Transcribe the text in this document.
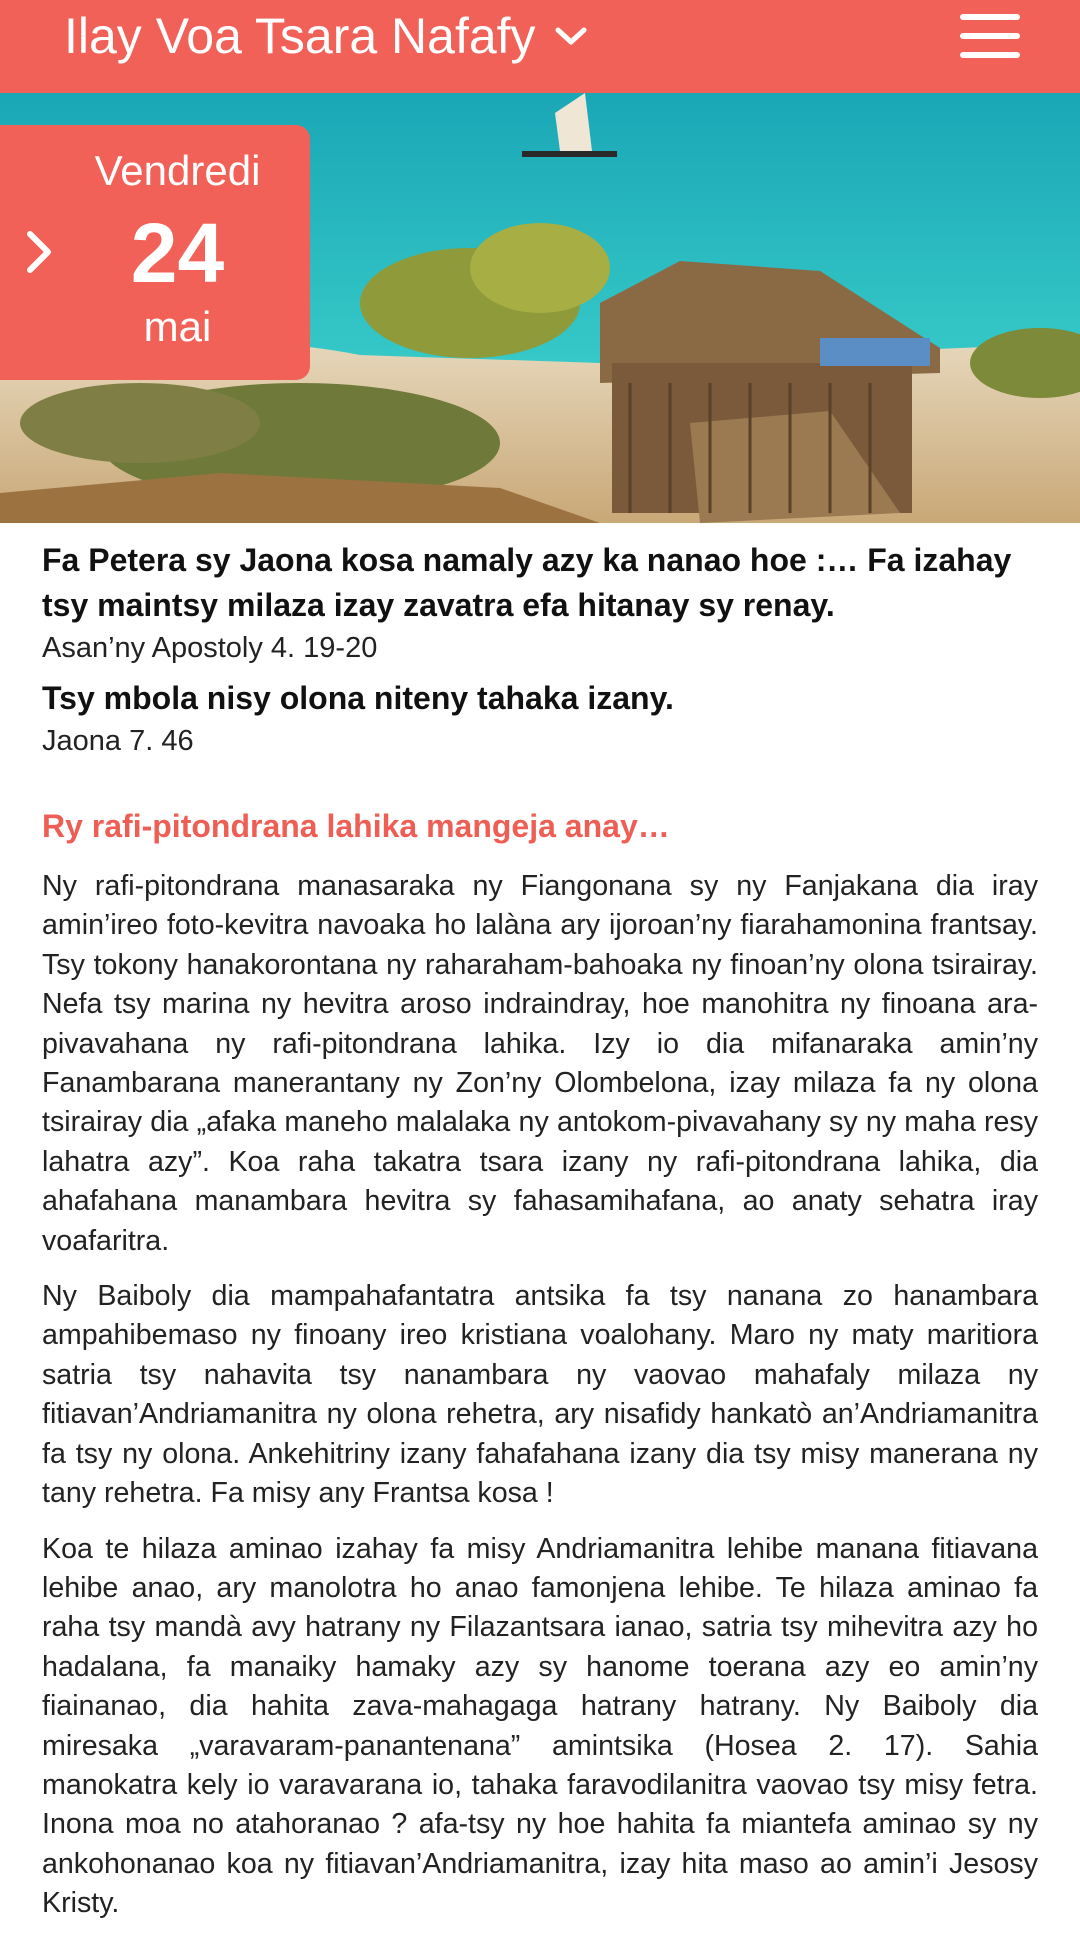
Ilay Voa Tsara Nafafy
Vendredi
24
mai

Fa Petera sy Jaona kosa namaly azy ka nanao hoe :… Fa izahay tsy maintsy milaza izay zavatra efa hitanay sy renay.

Asan’ny Apostoly 4. 19-20

Tsy mbola nisy olona niteny tahaka izany.

Jaona 7. 46

Ry rafi-pitondrana lahika mangeja anay…

Ny rafi-pitondrana manasaraka ny Fiangonana sy ny Fanjakana dia iray amin’ireo foto-kevitra navoaka ho lalàna ary ijoroan’ny fiarahamonina frantsay. Tsy tokony hanakorontana ny raharaham-bahoaka ny finoan’ny olona tsirairay. Nefa tsy marina ny hevitra aroso indraindray, hoe manohitra ny finoana ara-pivavahana ny rafi-pitondrana lahika. Izy io dia mifanaraka amin’ny Fanambarana manerantany ny Zon’ny Olombelona, izay milaza fa ny olona tsirairay dia „afaka maneho malalaka ny antokom-pivavahany sy ny maha resy lahatra azy”. Koa raha takatra tsara izany ny rafi-pitondrana lahika, dia ahafahana manambara hevitra sy fahasamihafana, ao anaty sehatra iray voafaritra.

Ny Baiboly dia mampahafantatra antsika fa tsy nanana zo hanambara ampahibemaso ny finoany ireo kristiana voalohany. Maro ny maty maritiora satria tsy nahavita tsy nanambara ny vaovao mahafaly milaza ny fitiavan’Andriamanitra ny olona rehetra, ary nisafidy hankatò an’Andriamanitra fa tsy ny olona. Ankehitriny izany fahafahana izany dia tsy misy manerana ny tany rehetra. Fa misy any Frantsa kosa !

Koa te hilaza aminao izahay fa misy Andriamanitra lehibe manana fitiavana lehibe anao, ary manolotra ho anao famonjena lehibe. Te hilaza aminao fa raha tsy mandà avy hatrany ny Filazantsara ianao, satria tsy mihevitra azy ho hadalana, fa manaiky hamaky azy sy hanome toerana azy eo amin’ny fiainanao, dia hahita zava-mahagaga hatrany hatrany. Ny Baiboly dia miresaka „varavaram-panantenana” amintsika (Hosea 2. 17). Sahia manokatra kely io varavarana io, tahaka faravodilanitra vaovao tsy misy fetra. Inona moa no atahoranao ? afa-tsy ny hoe hahita fa miantefa aminao sy ny ankohonanao koa ny fitiavan’Andriamanitra, izay hita maso ao amin’i Jesosy Kristy.
